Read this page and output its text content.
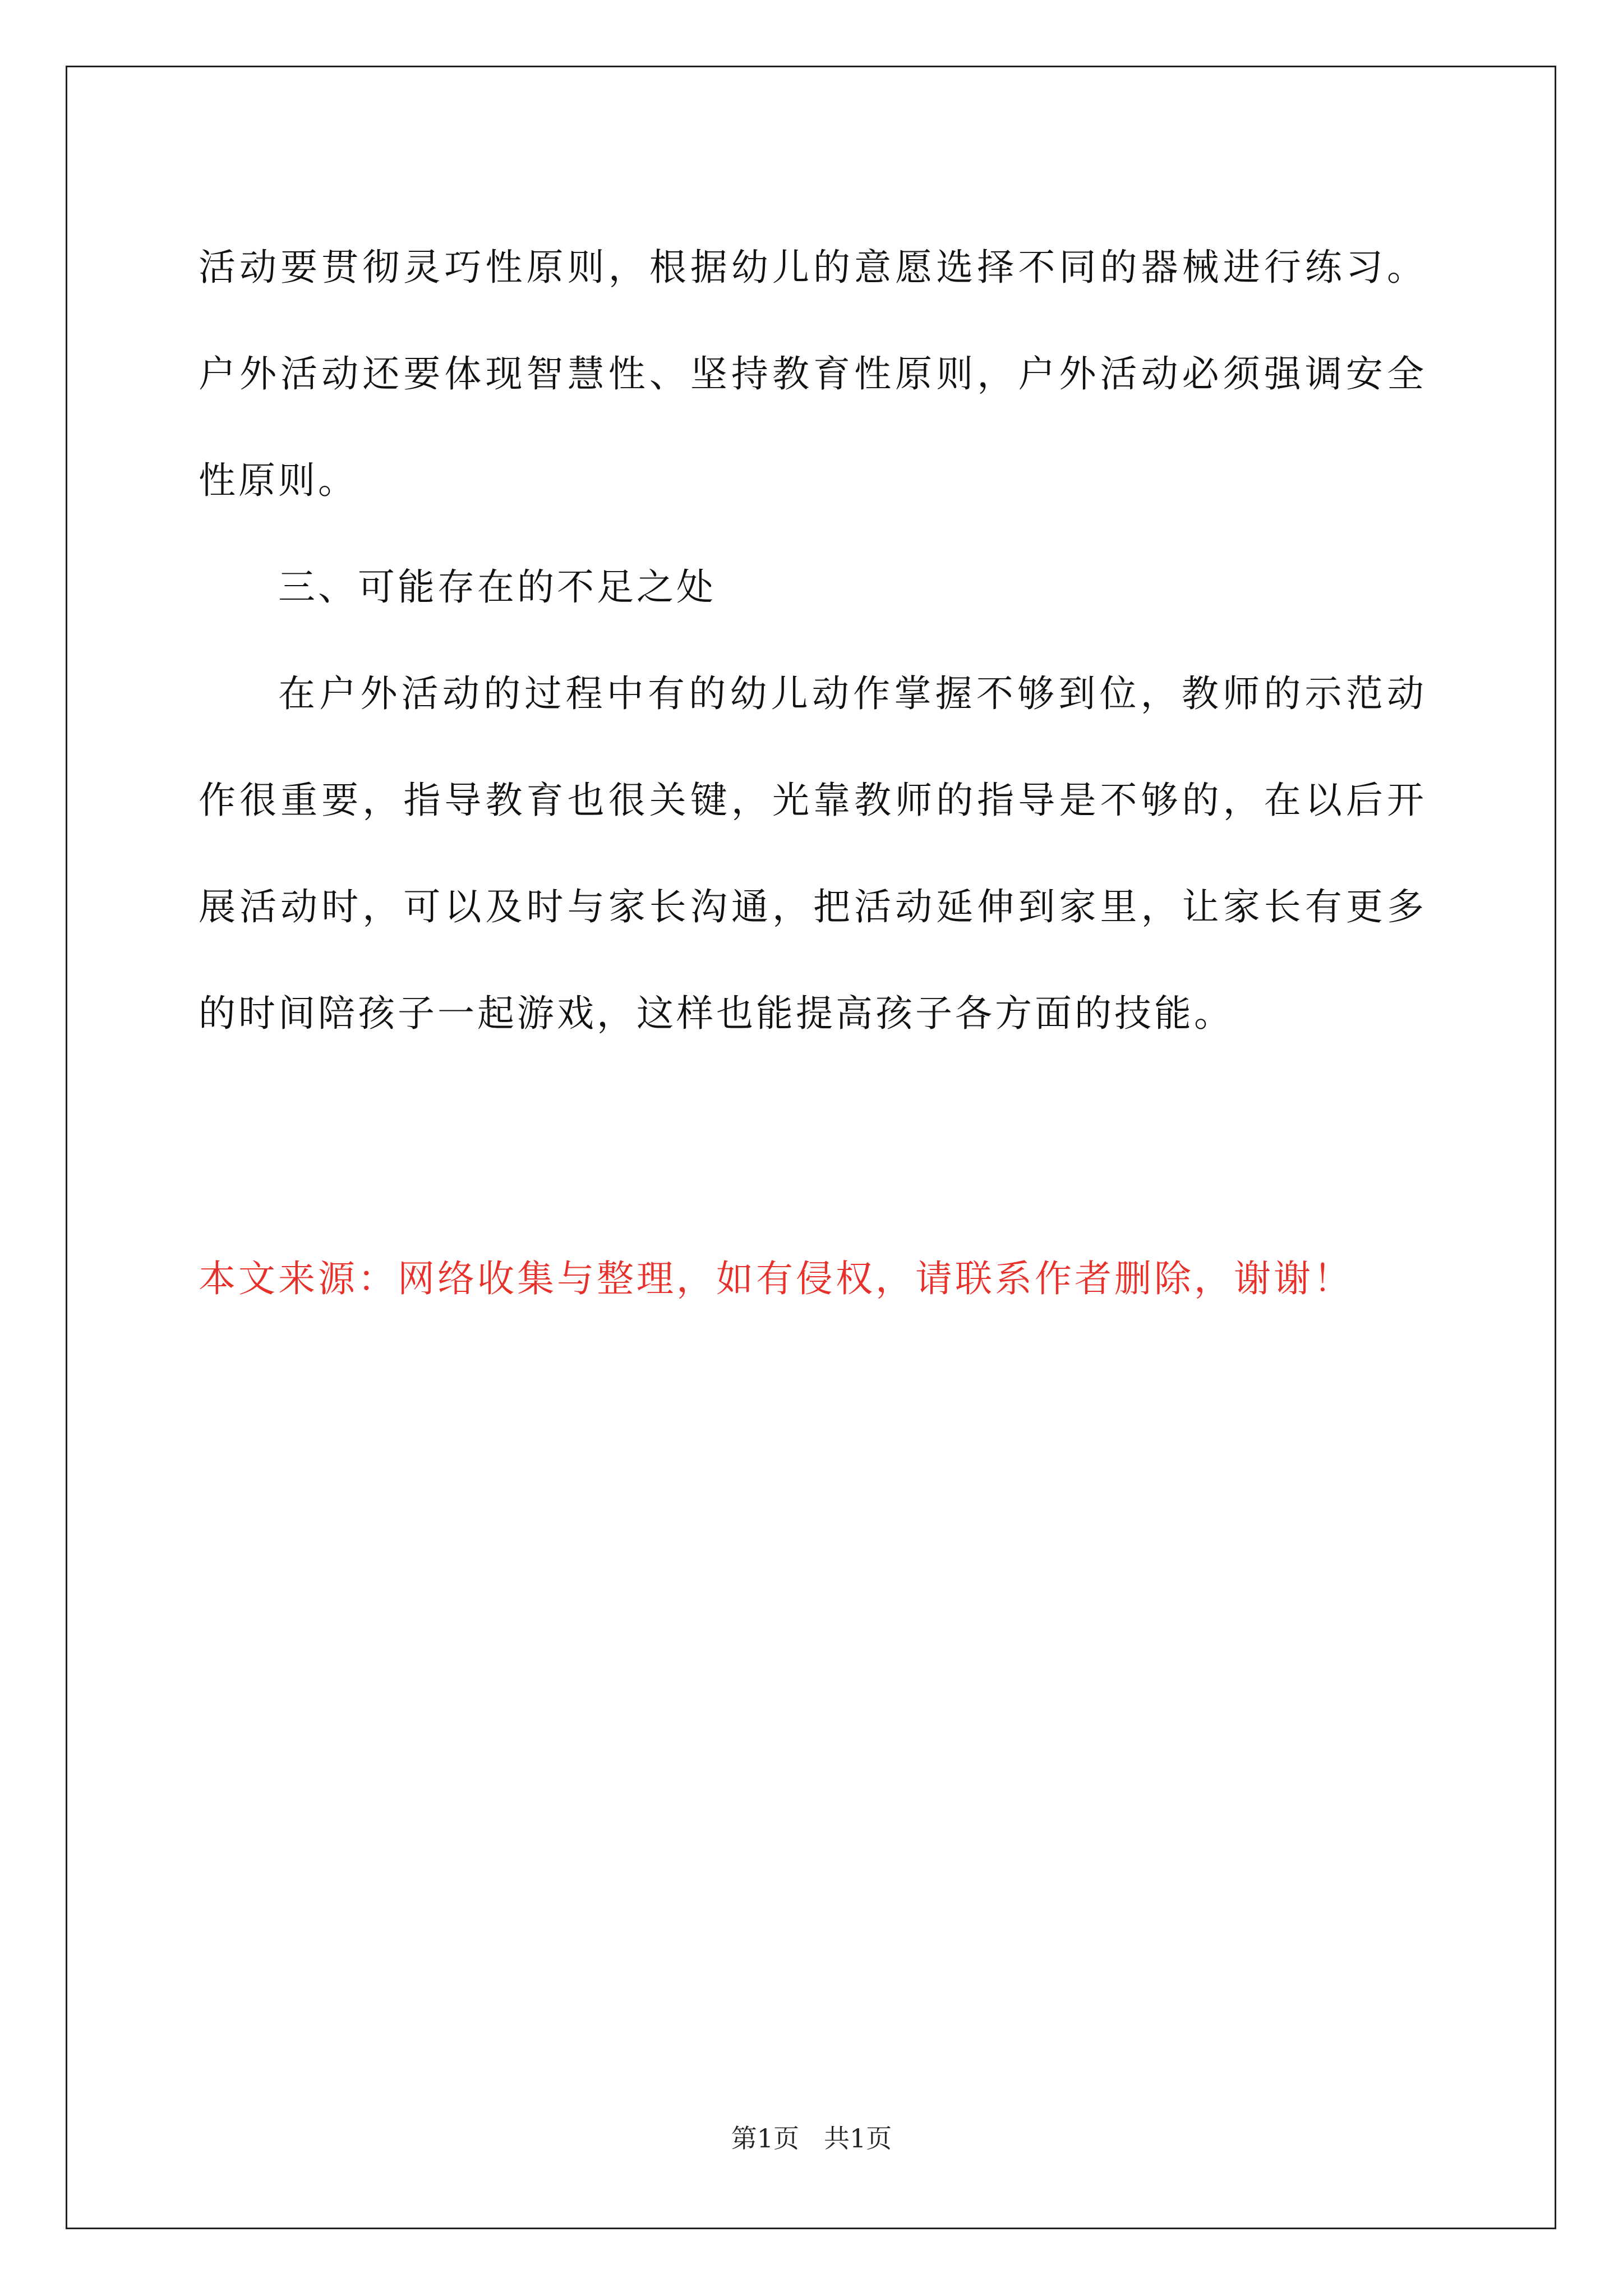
活动要贯彻灵巧性原则，根据幼儿的意愿选择不同的器械进行练习。户外活动还要体现智慧性、坚持教育性原则，户外活动必须强调安全性原则。

三、可能存在的不足之处

在户外活动的过程中有的幼儿动作掌握不够到位，教师的示范动作很重要，指导教育也很关键，光靠教师的指导是不够的，在以后开展活动时，可以及时与家长沟通，把活动延伸到家里，让家长有更多的时间陪孩子一起游戏，这样也能提高孩子各方面的技能。

本文来源：网络收集与整理，如有侵权，请联系作者删除，谢谢！

第1页 共1页
